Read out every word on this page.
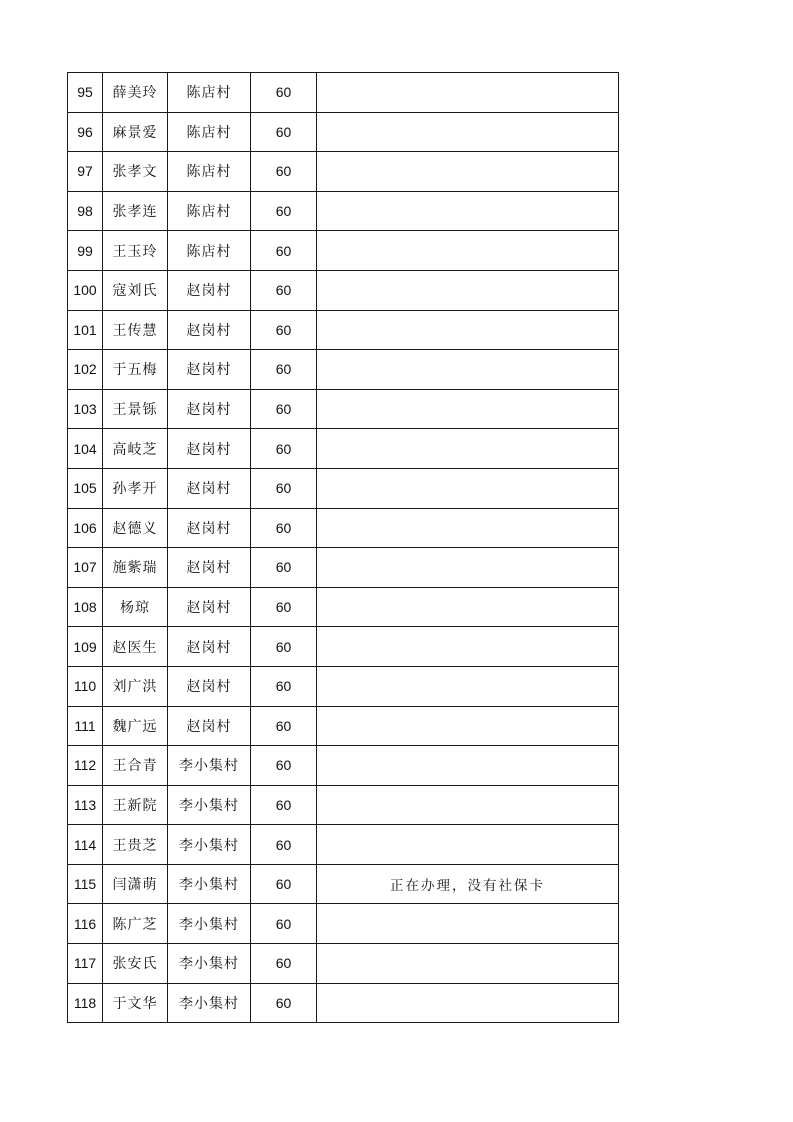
95	薛美玲	陈店村	60	
96	麻景爱	陈店村	60	
97	张孝文	陈店村	60	
98	张孝连	陈店村	60	
99	王玉玲	陈店村	60	
100	寇刘氏	赵岗村	60	
101	王传慧	赵岗村	60	
102	于五梅	赵岗村	60	
103	王景铄	赵岗村	60	
104	高岐芝	赵岗村	60	
105	孙孝开	赵岗村	60	
106	赵德义	赵岗村	60	
107	施紫瑞	赵岗村	60	
108	杨琼	赵岗村	60	
109	赵医生	赵岗村	60	
110	刘广洪	赵岗村	60	
111	魏广远	赵岗村	60	
112	王合青	李小集村	60	
113	王新院	李小集村	60	
114	王贵芝	李小集村	60	
115	闫潇萌	李小集村	60	正在办理，没有社保卡
116	陈广芝	李小集村	60	
117	张安氏	李小集村	60	
118	于文华	李小集村	60	
